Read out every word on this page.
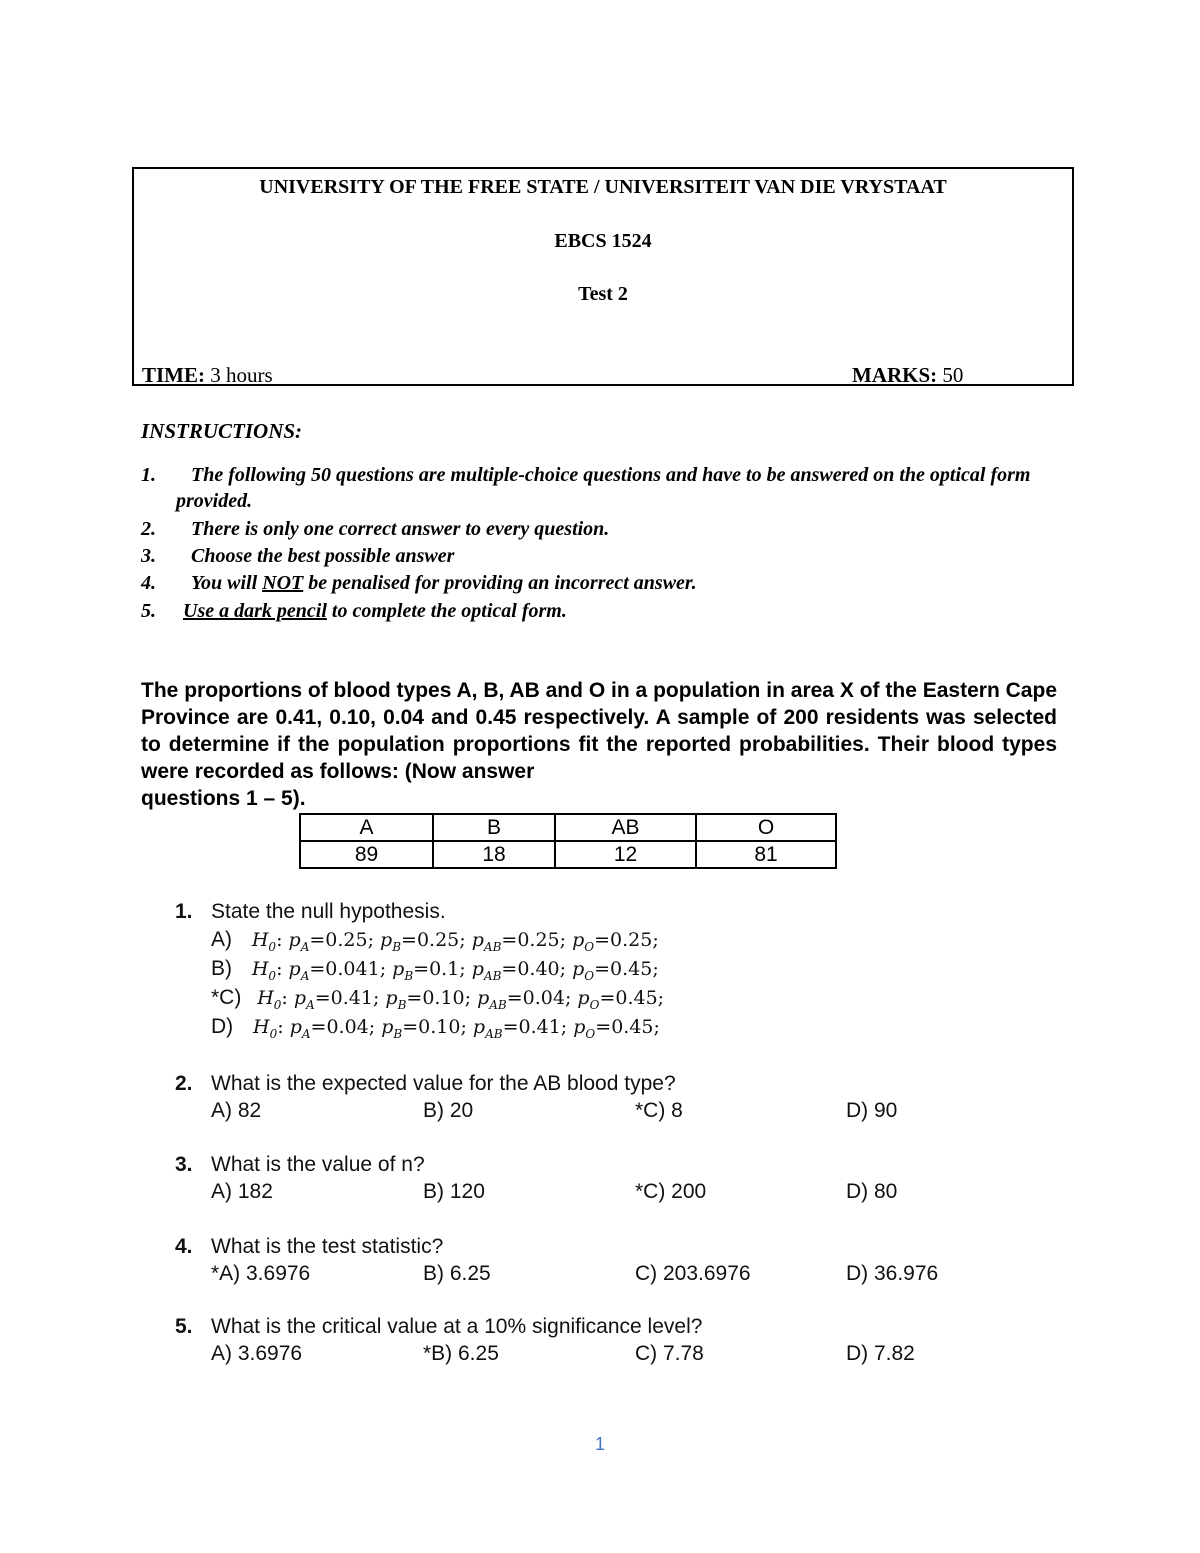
UNIVERSITY OF THE FREE STATE / UNIVERSITEIT VAN DIE VRYSTAAT
EBCS 1524
Test 2
TIME: 3 hours	MARKS: 50
INSTRUCTIONS:
1.	The following 50 questions are multiple-choice questions and have to be answered on the optical form provided.
2. There is only one correct answer to every question.
3. Choose the best possible answer
4. You will NOT be penalised for providing an incorrect answer.
5. Use a dark pencil to complete the optical form.
The proportions of blood types A, B, AB and O in a population in area X of the Eastern Cape Province are 0.41, 0.10, 0.04 and 0.45 respectively. A sample of 200 residents was selected to determine if the population proportions fit the reported probabilities. Their blood types were recorded as follows: (Now answer
questions 1 – 5).
A	B	AB	O
89	18	12	81
1. State the null hypothesis.
A) $H_0$: $p_A=0.25$; $p_B=0.25$; $p_{AB}=0.25$; $p_O=0.25$;
B) $H_0$: $p_A=0.041$; $p_B=0.1$; $p_{AB}=0.40$; $p_O=0.45$;
*C) $H_0$: $p_A=0.41$; $p_B=0.10$; $p_{AB}=0.04$; $p_O=0.45$;
D) $H_0$: $p_A=0.04$; $p_B=0.10$; $p_{AB}=0.41$; $p_O=0.45$;
2. What is the expected value for the AB blood type?
A) 82	B) 20	*C) 8	D) 90
3. What is the value of n?
A) 182	B) 120	*C) 200	D) 80
4. What is the test statistic?
*A) 3.6976	B) 6.25	C) 203.6976	D) 36.976
5. What is the critical value at a 10% significance level?
A) 3.6976	*B) 6.25	C) 7.78	D) 7.82
1
